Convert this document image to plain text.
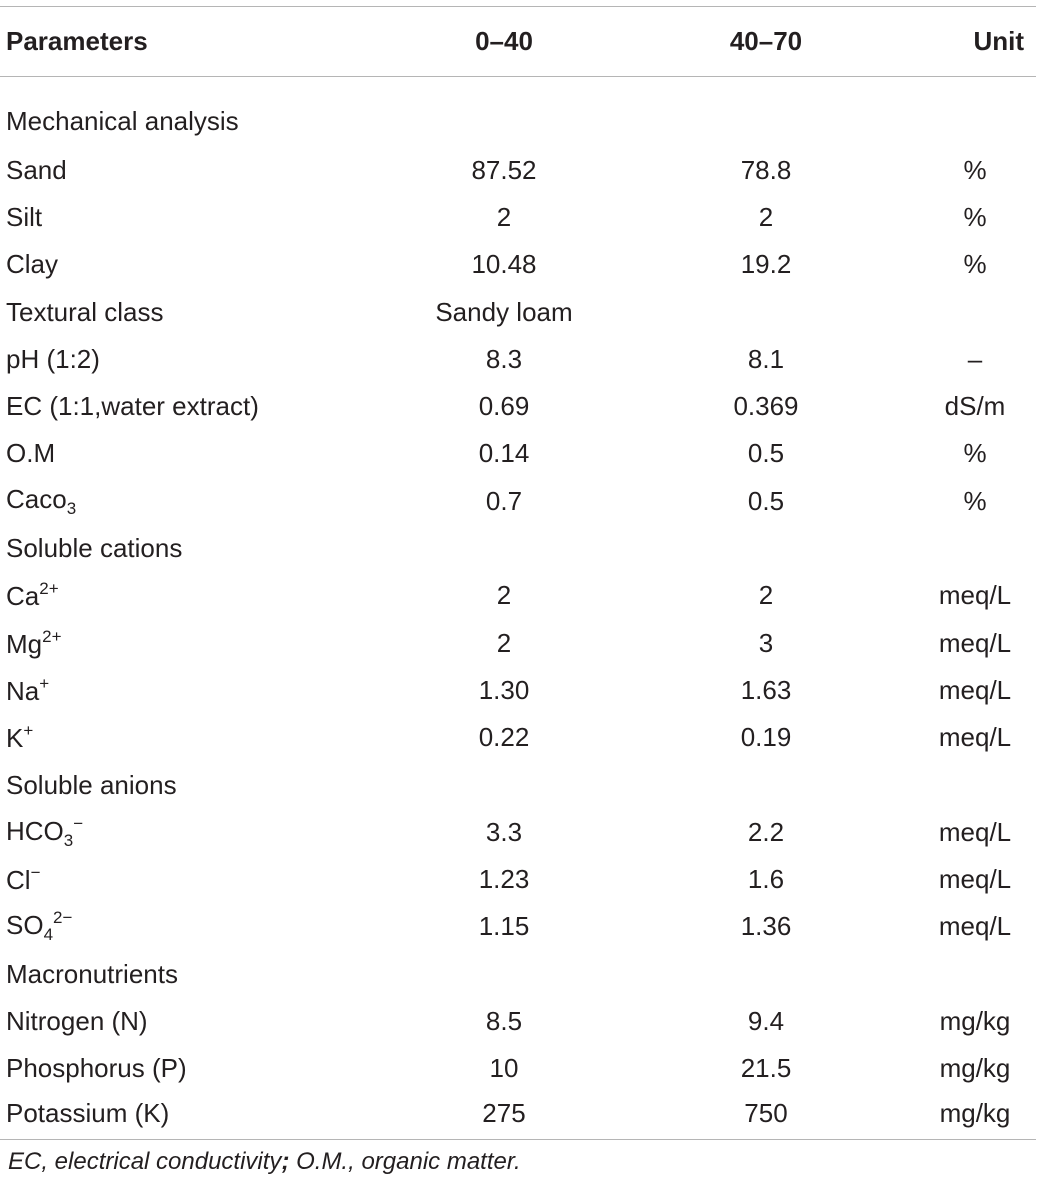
Parameters	0–40	40–70	Unit
Mechanical analysis			
Sand	87.52	78.8	%
Silt	2	2	%
Clay	10.48	19.2	%
Textural class	Sandy loam		
pH (1:2)	8.3	8.1	–
EC (1:1,water extract)	0.69	0.369	dS/m
O.M	0.14	0.5	%
Caco$_3$	0.7	0.5	%
Soluble cations			
$Ca^{2+}$	2	2	meq/L
$Mg^{2+}$	2	3	meq/L
Na+	1.30	1.63	meq/L
K+	0.22	0.19	meq/L
Soluble anions			
$HCO_3^-$	3.3	2.2	meq/L
Cl−	1.23	1.6	meq/L
$SO_4^{2-}$	1.15	1.36	meq/L
Macronutrients			
Nitrogen (N)	8.5	9.4	mg/kg
Phosphorus (P)	10	21.5	mg/kg
Potassium (K)	275	750	mg/kg
EC, electrical conductivity; O.M., organic matter.
